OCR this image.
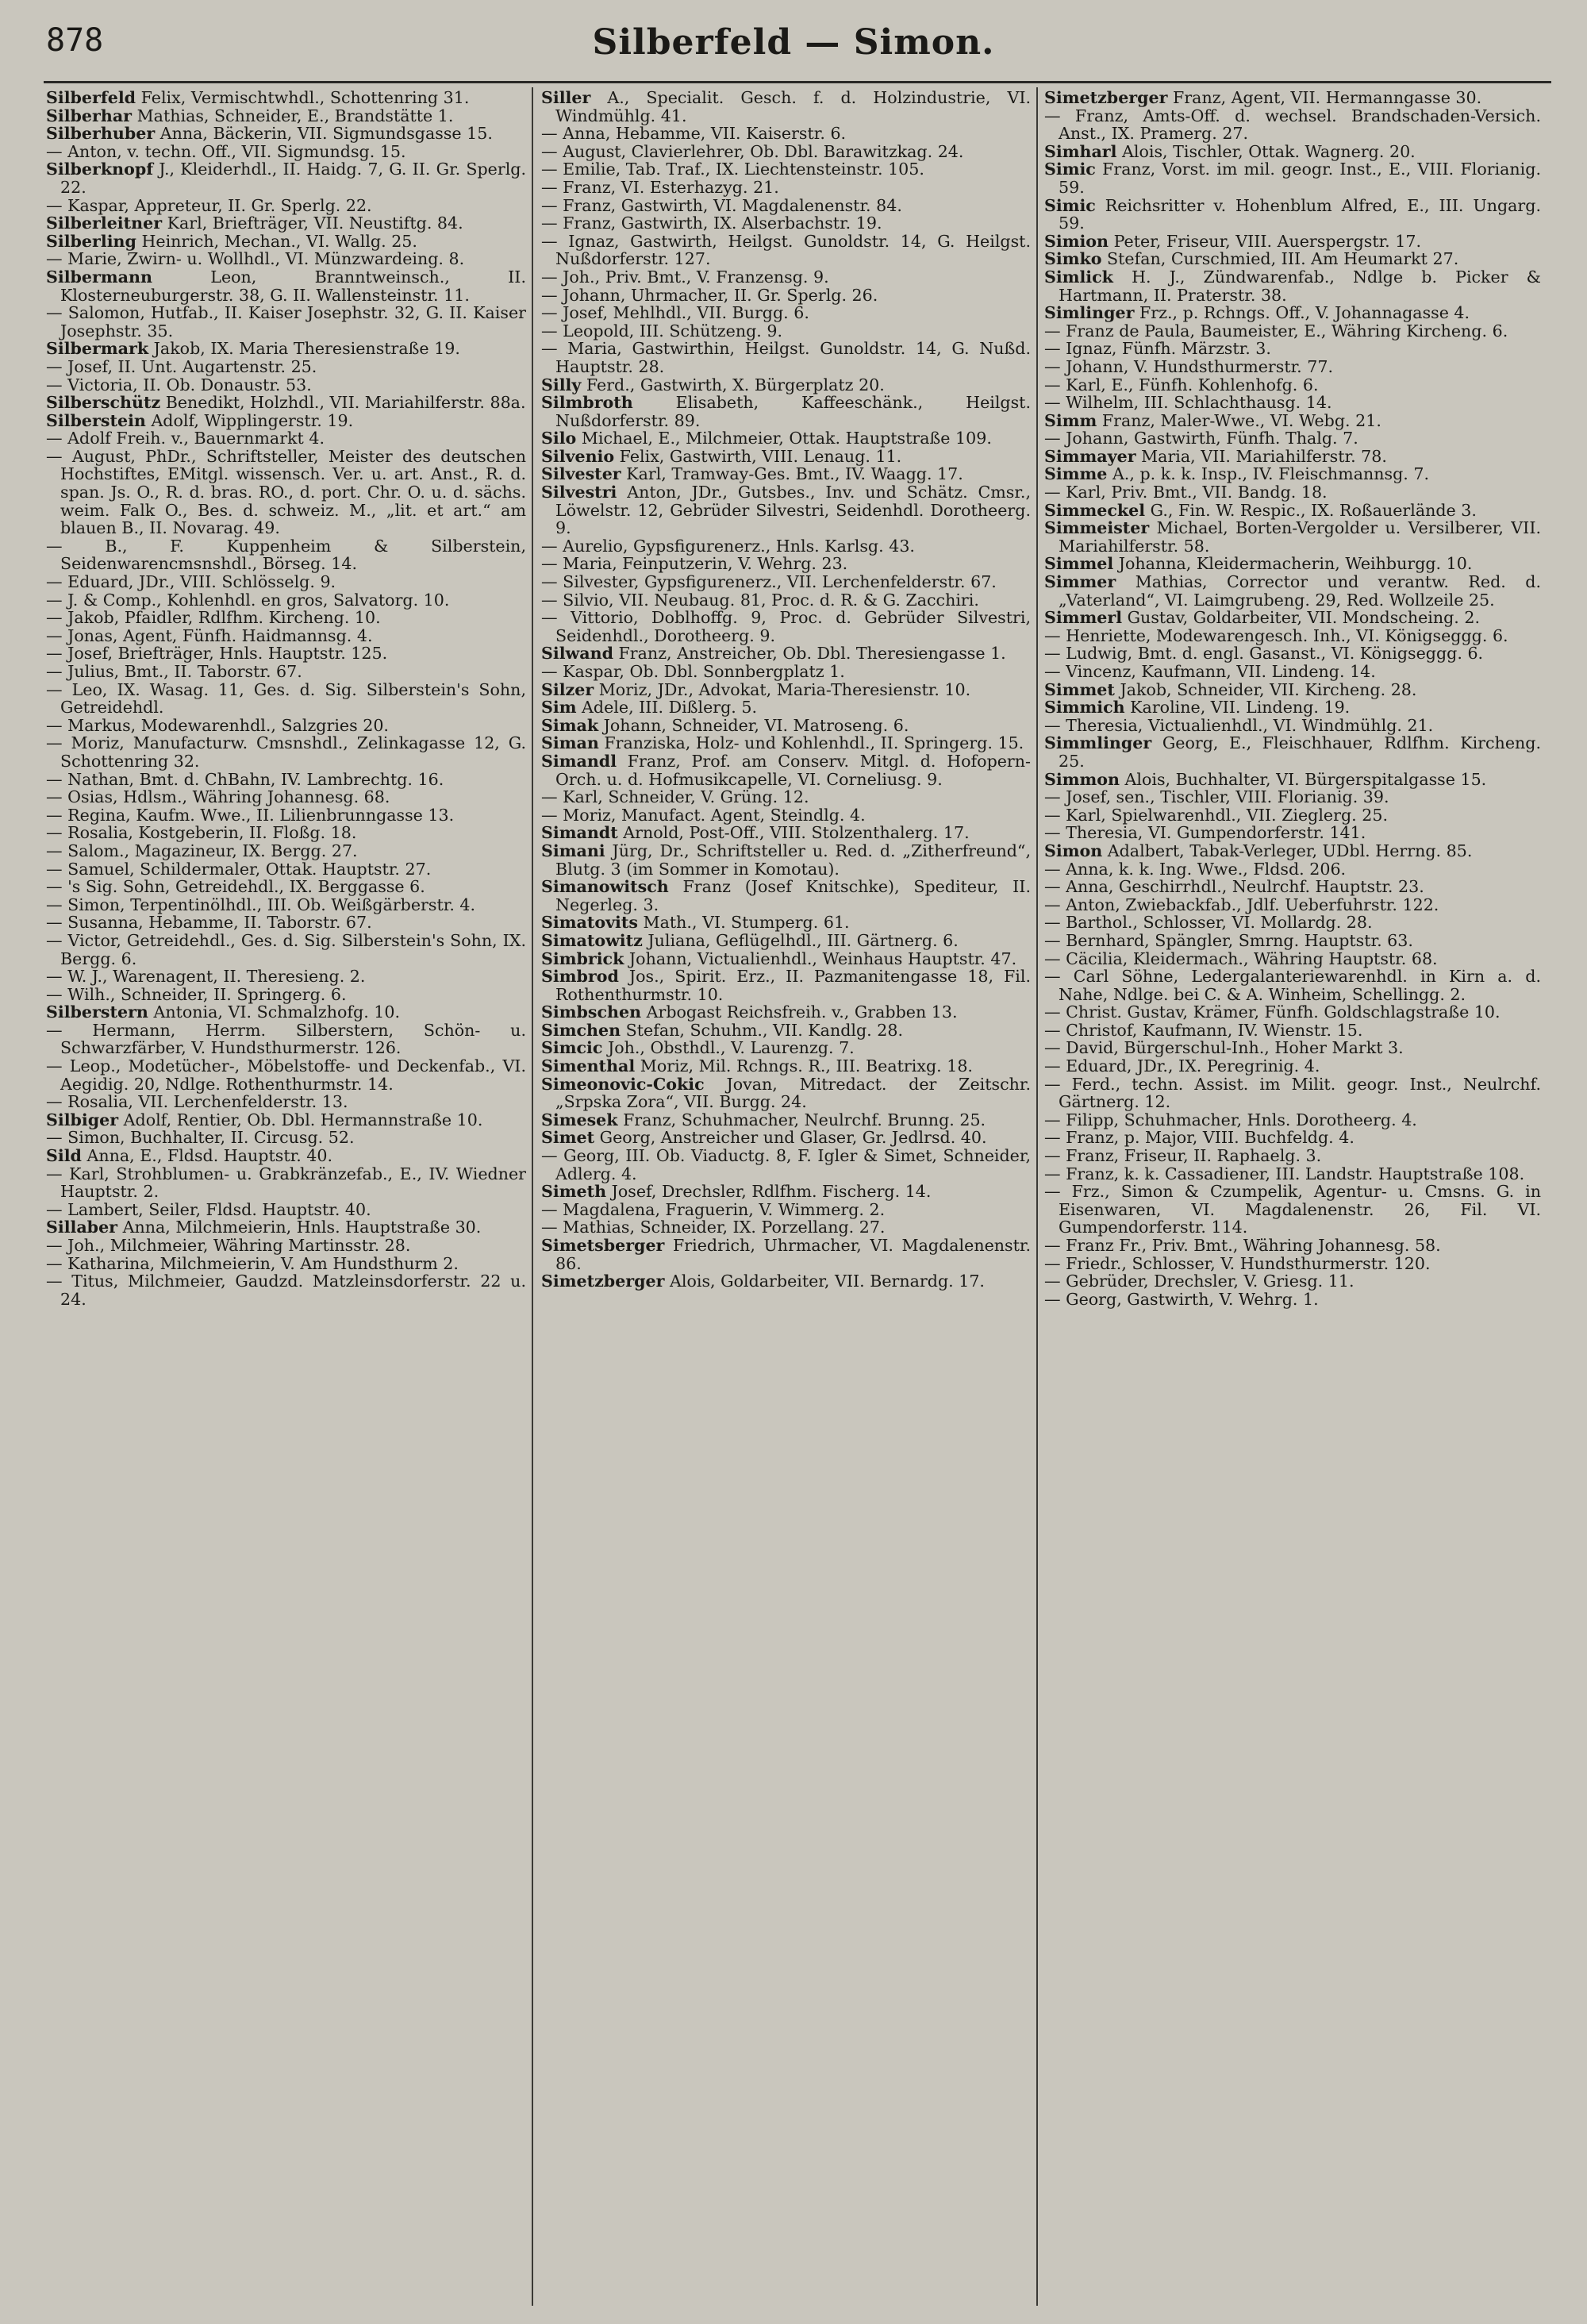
878	Silberfeld — Simon.

Silberfeld Felix, Vermischtwhdl., Schottenring 31.

Silberhar Mathias, Schneider, E., Brandstätte 1.

Silberhuber Anna, Bäckerin, VII. Sigmundsgasse 15.

— Anton, v. techn. Off., VII. Sigmundsg. 15.

Silberknopf J., Kleiderhdl., II. Haidg. 7, G. II. Gr. Sperlg. 22.

— Kaspar, Appreteur, II. Gr. Sperlg. 22.

Silberleitner Karl, Briefträger, VII. Neustiftg. 84.

Silberling Heinrich, Mechan., VI. Wallg. 25.

— Marie, Zwirn- u. Wollhdl., VI. Münzwardeing. 8.

Silbermann	Leon, Branntweinsch., II. Klosterneuburgerstr. 38, G. II. Wallensteinstr. 11.

— Salomon, Hutfab., II. Kaiser Josephstr. 32, G. II. Kaiser Josephstr. 35.

Silbermark Jakob, IX. Maria Theresienstraße 19.

— Josef, II. Unt. Augartenstr. 25.

— Victoria, II. Ob. Donaustr. 53.

Silberschütz Benedikt, Holzhdl., VII. Mariahilferstr. 88a.

Silberstein Adolf, Wipplingerstr. 19.

— Adolf Freih. v., Bauernmarkt 4.

— August, PhDr., Schriftsteller, Meister des deutschen Hochstiftes, EMitgl. wissensch. Ver. u. art. Anst., R. d. span. Js. O., R. d. bras. RO., d. port. Chr. O. u. d. sächs. weim. Falk O., Bes. d. schweiz. M., „lit. et art.“ am blauen B., II. Novarag. 49.

— B., F. Kuppenheim & Silberstein, Seidenwarencmsnshdl., Börseg. 14.

— Eduard, JDr., VIII. Schlösselg. 9.

— J. & Comp., Kohlenhdl. en gros, Salvatorg. 10.

— Jakob, Pfaidler, Rdlfhm. Kircheng. 10.

— Jonas, Agent, Fünfh. Haidmannsg. 4.

— Josef, Briefträger, Hnls. Hauptstr. 125.

— Julius, Bmt., II. Taborstr. 67.

— Leo, IX. Wasag. 11, Ges. d. Sig. Silberstein's Sohn, Getreidehdl.

— Markus, Modewarenhdl., Salzgries 20.

— Moriz, Manufacturw. Cmsnshdl., Zelinkagasse 12, G. Schottenring 32.

— Nathan, Bmt. d. ChBahn, IV. Lambrechtg. 16.

— Osias, Hdlsm., Währing Johannesg. 68.

— Regina, Kaufm. Wwe., II. Lilienbrunngasse 13.

— Rosalia, Kostgeberin, II. Floßg. 18.

— Salom., Magazineur, IX. Bergg. 27.

— Samuel, Schildermaler, Ottak. Hauptstr. 27.

— 's Sig. Sohn, Getreidehdl., IX. Berggasse 6.

— Simon, Terpentinölhdl., III. Ob. Weißgärberstr. 4.

— Susanna, Hebamme, II. Taborstr. 67.

— Victor, Getreidehdl., Ges. d. Sig. Silberstein's Sohn, IX. Bergg. 6.

— W. J., Warenagent, II. Theresieng. 2.

— Wilh., Schneider, II. Springerg. 6.

Silberstern Antonia, VI. Schmalzhofg. 10.

— Hermann, Herrm. Silberstern, Schön- u. Schwarzfärber, V. Hundsthurmerstr. 126.

— Leop., Modetücher-, Möbelstoffe- und Deckenfab., VI. Aegidig. 20, Ndlge. Rothenthurmstr. 14.

— Rosalia, VII. Lerchenfelderstr. 13.

Silbiger Adolf, Rentier, Ob. Dbl. Hermannstraße 10.

— Simon, Buchhalter, II. Circusg. 52.

Sild Anna, E., Fldsd. Hauptstr. 40.

— Karl, Strohblumen- u. Grabkränzefab., E., IV. Wiedner Hauptstr. 2.

— Lambert, Seiler, Fldsd. Hauptstr. 40.

Sillaber Anna, Milchmeierin, Hnls. Hauptstraße 30.

— Joh., Milchmeier, Währing Martinsstr. 28.

— Katharina, Milchmeierin, V. Am Hundsthurm 2.

— Titus, Milchmeier, Gaudzd. Matzleinsdorferstr. 22 u. 24.

Siller A., Specialit. Gesch. f. d. Holzindustrie, VI. Windmühlg. 41.

— Anna, Hebamme, VII. Kaiserstr. 6.

— August, Clavierlehrer, Ob. Dbl. Barawitzkag. 24.

— Emilie, Tab. Traf., IX. Liechtensteinstr. 105.

— Franz, VI. Esterhazyg. 21.

— Franz, Gastwirth, VI. Magdalenenstr. 84.

— Franz, Gastwirth, IX. Alserbachstr. 19.

— Ignaz, Gastwirth, Heilgst. Gunoldstr. 14, G. Heilgst. Nußdorferstr. 127.

— Joh., Priv. Bmt., V. Franzensg. 9.

— Johann, Uhrmacher, II. Gr. Sperlg. 26.

— Josef, Mehlhdl., VII. Burgg. 6.

— Leopold, III. Schützeng. 9.

— Maria, Gastwirthin, Heilgst. Gunoldstr. 14, G. Nußd. Hauptstr. 28.

Silly Ferd., Gastwirth, X. Bürgerplatz 20.

Silmbroth	Elisabeth, Kaffeeschänk., Heilgst. Nußdorferstr. 89.

Silo Michael, E., Milchmeier, Ottak. Hauptstraße 109.

Silvenio Felix, Gastwirth, VIII. Lenaug. 11.

Silvester Karl, Tramway-Ges. Bmt., IV. Waagg. 17.

Silvestri Anton, JDr., Gutsbes., Inv. und Schätz. Cmsr., Löwelstr. 12, Gebrüder Silvestri, Seidenhdl. Dorotheerg. 9.

— Aurelio, Gypsfigurenerz., Hnls. Karlsg. 43.

— Maria, Feinputzerin, V. Wehrg. 23.

— Silvester, Gypsfigurenerz., VII. Lerchenfelderstr. 67.

— Silvio, VII. Neubaug. 81, Proc. d. R. & G. Zacchiri.

— Vittorio, Doblhoffg. 9, Proc. d. Gebrüder Silvestri, Seidenhdl., Dorotheerg. 9.

Silwand Franz, Anstreicher, Ob. Dbl. Theresiengasse 1.

— Kaspar, Ob. Dbl. Sonnbergplatz 1.

Silzer Moriz, JDr., Advokat, Maria-Theresienstr. 10.

Sim Adele, III. Dißlerg. 5.

Simak Johann, Schneider, VI. Matroseng. 6.

Siman Franziska, Holz- und Kohlenhdl., II. Springerg. 15.

Simandl Franz, Prof. am Conserv. Mitgl. d. Hofopern-Orch. u. d. Hofmusikcapelle, VI. Corneliusg. 9.

— Karl, Schneider, V. Grüng. 12.

— Moriz, Manufact. Agent, Steindlg. 4.

Simandt Arnold, Post-Off., VIII. Stolzenthalerg. 17.

Simani Jürg, Dr., Schriftsteller u. Red. d. „Zitherfreund“, Blutg. 3 (im Sommer in Komotau).

Simanowitsch Franz (Josef Knitschke), Spediteur, II. Negerleg. 3.

Simatovits Math., VI. Stumperg. 61.

Simatowitz Juliana, Geflügelhdl., III. Gärtnerg. 6.

Simbrick Johann, Victualienhdl., Weinhaus Hauptstr. 47.

Simbrod Jos., Spirit. Erz., II. Pazmanitengasse 18, Fil. Rothenthurmstr. 10.

Simbschen Arbogast Reichsfreih. v., Grabben 13.

Simchen Stefan, Schuhm., VII. Kandlg. 28.

Simcic Joh., Obsthdl., V. Laurenzg. 7.

Simenthal Moriz, Mil. Rchngs. R., III. Beatrixg. 18.

Simeonovic-Cokic Jovan, Mitredact. der Zeitschr. „Srpska Zora“, VII. Burgg. 24.

Simesek Franz, Schuhmacher, Neulrchf. Brunng. 25.

Simet Georg, Anstreicher und Glaser, Gr. Jedlrsd. 40.

— Georg, III. Ob. Viaductg. 8, F. Igler & Simet, Schneider, Adlerg. 4.

Simeth Josef, Drechsler, Rdlfhm. Fischerg. 14.

— Magdalena, Fraguerin, V. Wimmerg. 2.

— Mathias, Schneider, IX. Porzellang. 27.

Simetsberger Friedrich, Uhrmacher, VI. Magdalenenstr. 86.

Simetzberger Alois, Goldarbeiter, VII. Bernardg. 17.

Simetzberger Franz, Agent, VII. Hermanngasse 30.

— Franz, Amts-Off. d. wechsel. Brandschaden-Versich. Anst., IX. Pramerg. 27.

Simharl Alois, Tischler, Ottak. Wagnerg. 20.

Simic Franz, Vorst. im mil. geogr. Inst., E., VIII. Florianig. 59.

Simic Reichsritter v. Hohenblum Alfred, E., III. Ungarg. 59.

Simion Peter, Friseur, VIII. Auerspergstr. 17.

Simko Stefan, Curschmied, III. Am Heumarkt 27.

Simlick H. J., Zündwarenfab., Ndlge b. Picker & Hartmann, II. Praterstr. 38.

Simlinger Frz., p. Rchngs. Off., V. Johannagasse 4.

— Franz de Paula, Baumeister, E., Währing Kircheng. 6.

— Ignaz, Fünfh. Märzstr. 3.

— Johann, V. Hundsthurmerstr. 77.

— Karl, E., Fünfh. Kohlenhofg. 6.

— Wilhelm, III. Schlachthausg. 14.

Simm Franz, Maler-Wwe., VI. Webg. 21.

— Johann, Gastwirth, Fünfh. Thalg. 7.

Simmayer Maria, VII. Mariahilferstr. 78.

Simme A., p. k. k. Insp., IV. Fleischmannsg. 7.

— Karl, Priv. Bmt., VII. Bandg. 18.

Simmeckel G., Fin. W. Respic., IX. Roßauerlände 3.

Simmeister Michael, Borten-Vergolder u. Versilberer, VII. Mariahilferstr. 58.

Simmel Johanna, Kleidermacherin, Weihburgg. 10.

Simmer Mathias, Corrector und verantw. Red. d. „Vaterland“, VI. Laimgrubeng. 29, Red. Wollzeile 25.

Simmerl Gustav, Goldarbeiter, VII. Mondscheing. 2.

— Henriette, Modewarengesch. Inh., VI. Königseggg. 6.

— Ludwig, Bmt. d. engl. Gasanst., VI. Königseggg. 6.

— Vincenz, Kaufmann, VII. Lindeng. 14.

Simmet Jakob, Schneider, VII. Kircheng. 28.

Simmich Karoline, VII. Lindeng. 19.

— Theresia, Victualienhdl., VI. Windmühlg. 21.

Simmlinger Georg, E., Fleischhauer, Rdlfhm. Kircheng. 25.

Simmon Alois, Buchhalter, VI. Bürgerspitalgasse 15.

— Josef, sen., Tischler, VIII. Florianig. 39.

— Karl, Spielwarenhdl., VII. Zieglerg. 25.

— Theresia, VI. Gumpendorferstr. 141.

Simon Adalbert, Tabak-Verleger, UDbl. Herrng. 85.

— Anna, k. k. Ing. Wwe., Fldsd. 206.

— Anna, Geschirrhdl., Neulrchf. Hauptstr. 23.

— Anton, Zwiebackfab., Jdlf. Ueberfuhrstr. 122.

— Barthol., Schlosser, VI. Mollardg. 28.

— Bernhard, Spängler, Smrng. Hauptstr. 63.

— Cäcilia, Kleidermach., Währing Hauptstr. 68.

— Carl Söhne, Ledergalanteriewarenhdl. in Kirn a. d. Nahe, Ndlge. bei C. & A. Winheim, Schellingg. 2.

— Christ. Gustav, Krämer, Fünfh. Goldschlagstraße 10.

— Christof, Kaufmann, IV. Wienstr. 15.

— David, Bürgerschul-Inh., Hoher Markt 3.

— Eduard, JDr., IX. Peregrinig. 4.

— Ferd., techn. Assist. im Milit. geogr. Inst., Neulrchf. Gärtnerg. 12.

— Filipp, Schuhmacher, Hnls. Dorotheerg. 4.

— Franz, p. Major, VIII. Buchfeldg. 4.

— Franz, Friseur, II. Raphaelg. 3.

— Franz, k. k. Cassadiener, III. Landstr. Hauptstraße 108.

— Frz., Simon & Czumpelik, Agentur- u. Cmsns. G. in Eisenwaren, VI. Magdalenenstr. 26, Fil. VI. Gumpendorferstr. 114.

— Franz Fr., Priv. Bmt., Währing Johannesg. 58.

— Friedr., Schlosser, V. Hundsthurmerstr. 120.

— Gebrüder, Drechsler, V. Griesg. 11.

— Georg, Gastwirth, V. Wehrg. 1.
